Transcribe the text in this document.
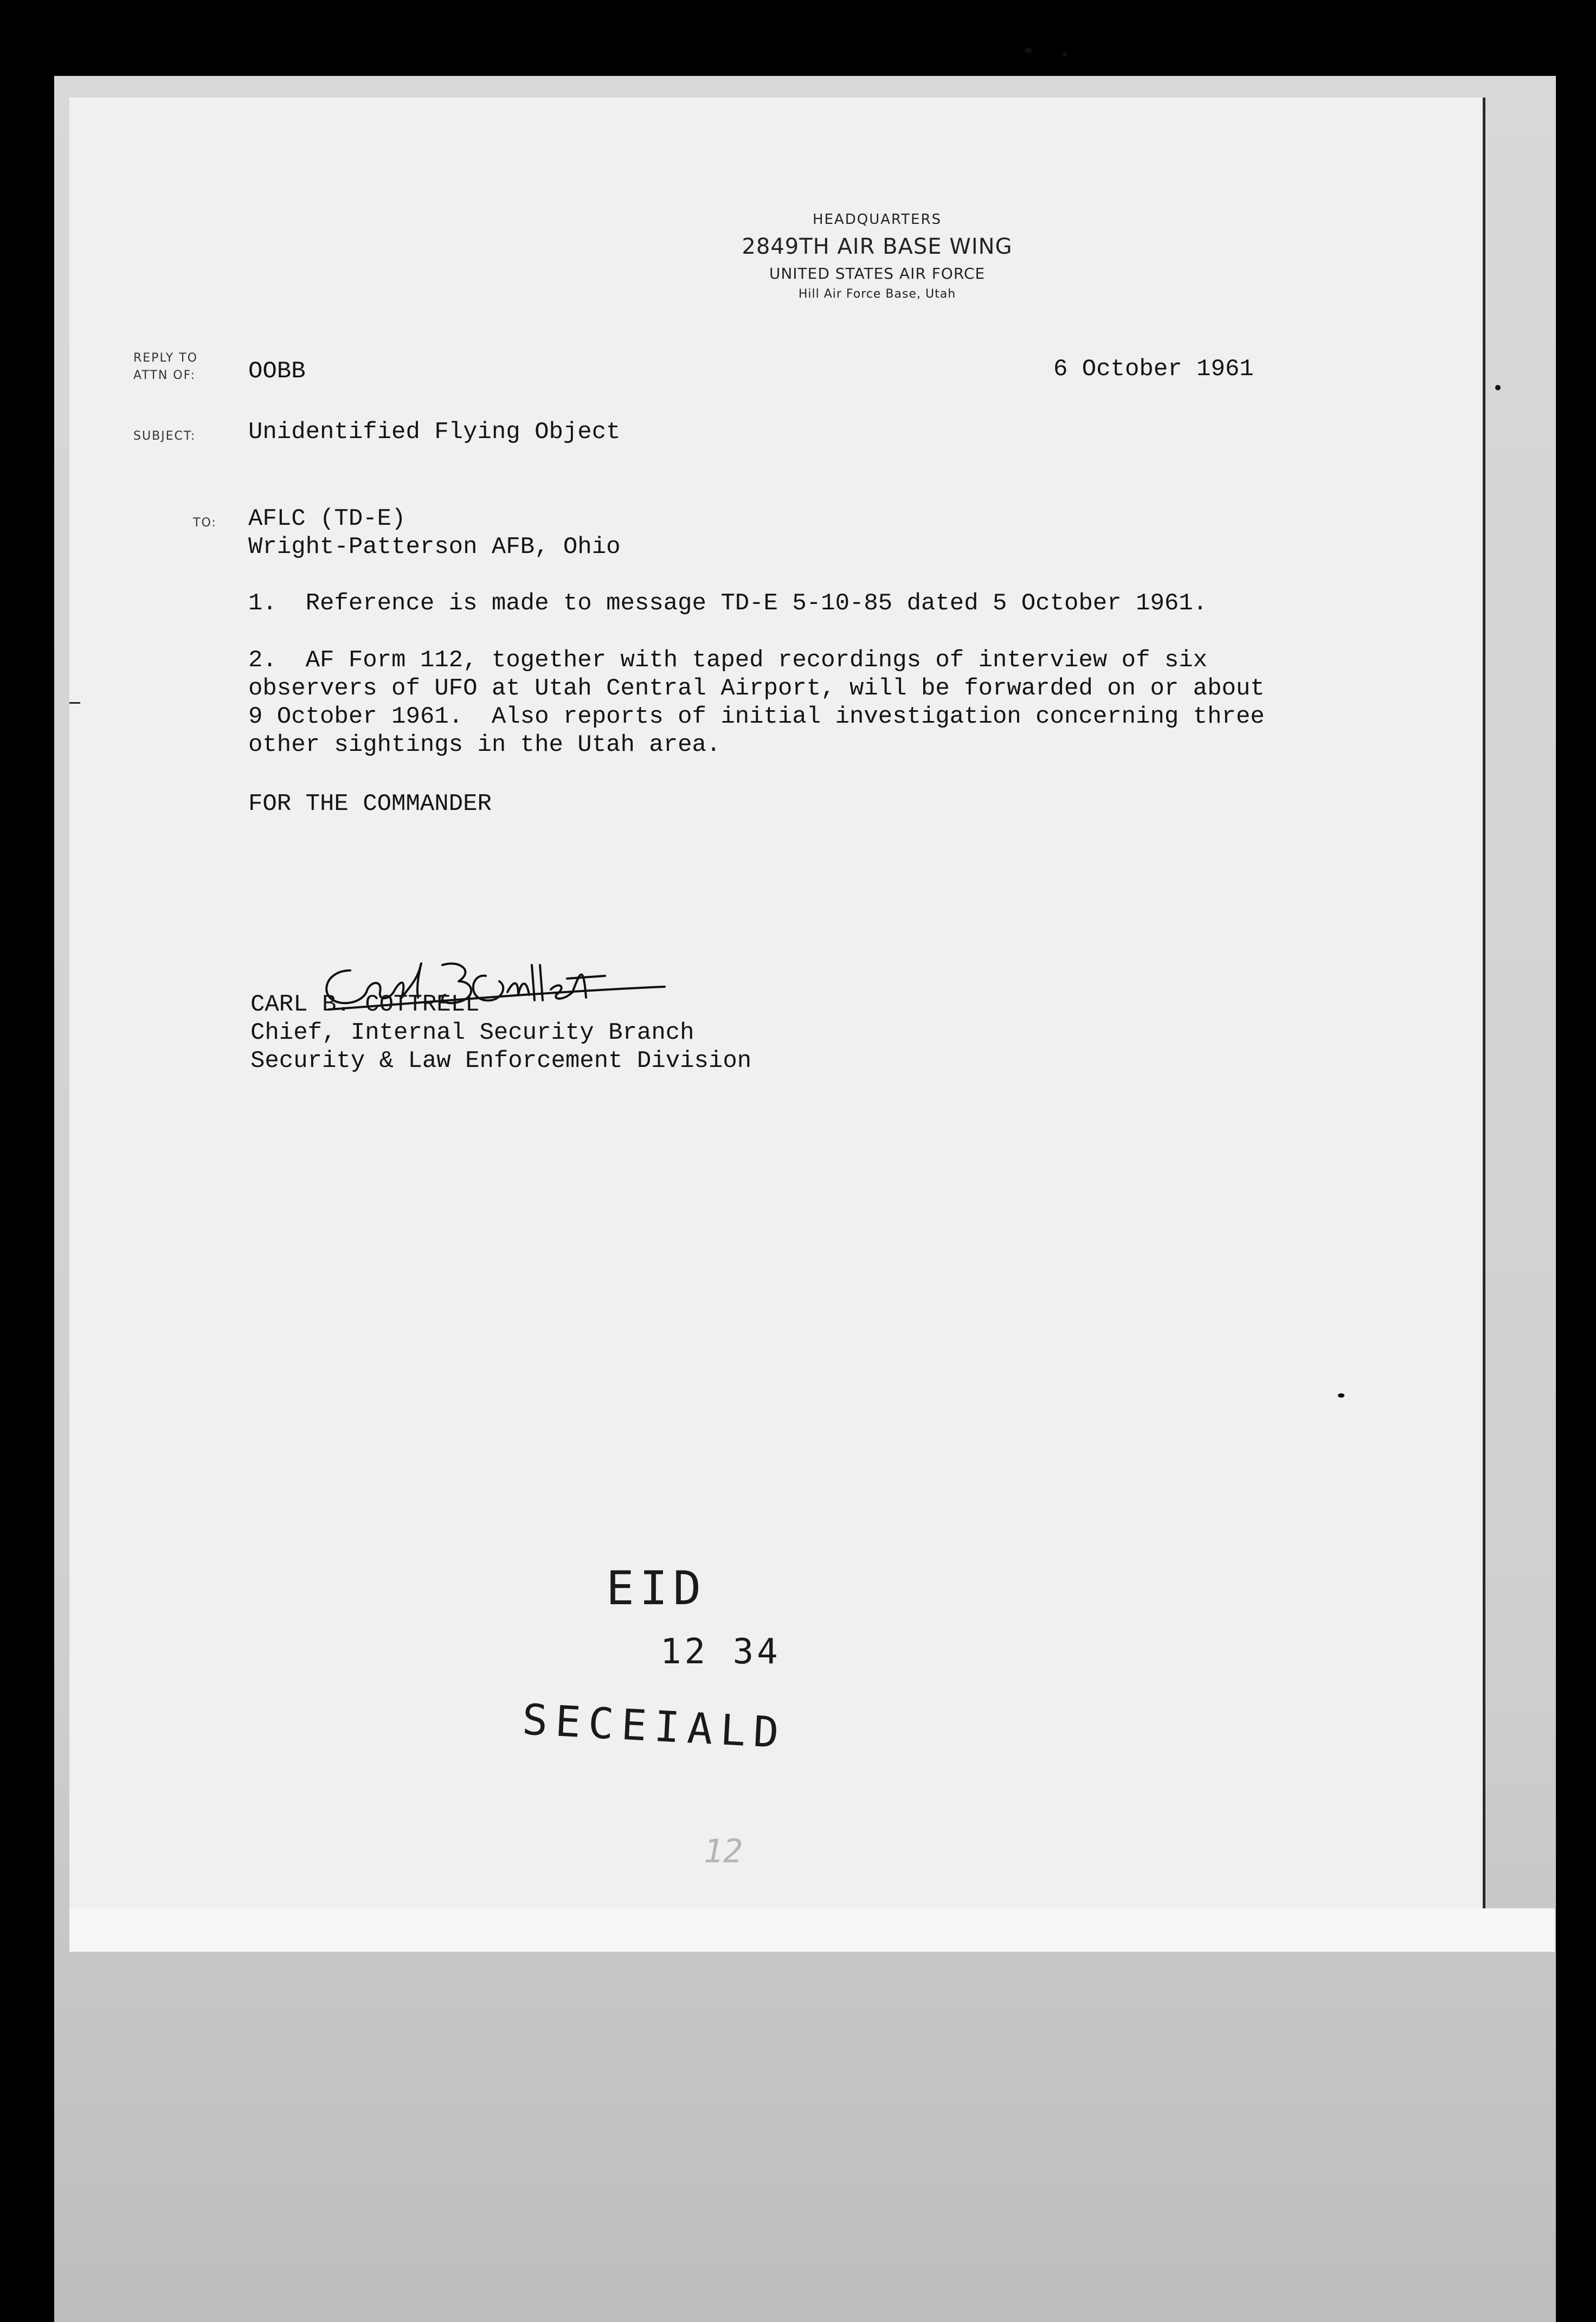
HEADQUARTERS
2849TH AIR BASE WING
UNITED STATES AIR FORCE
Hill Air Force Base, Utah
REPLY TO
ATTN OF: OOBB	6 October 1961
SUBJECT: Unidentified Flying Object
TO: AFLC (TD-E)
Wright-Patterson AFB, Ohio
1.  Reference is made to message TD-E 5-10-85 dated 5 October 1961.
2.  AF Form 112, together with taped recordings of interview of six
observers of UFO at Utah Central Airport, will be forwarded on or about
9 October 1961.  Also reports of initial investigation concerning three
other sightings in the Utah area.
FOR THE COMMANDER
CARL B. COTTRELL
Chief, Internal Security Branch
Security & Law Enforcement Division
EID
12 34
SECEIALD
12
